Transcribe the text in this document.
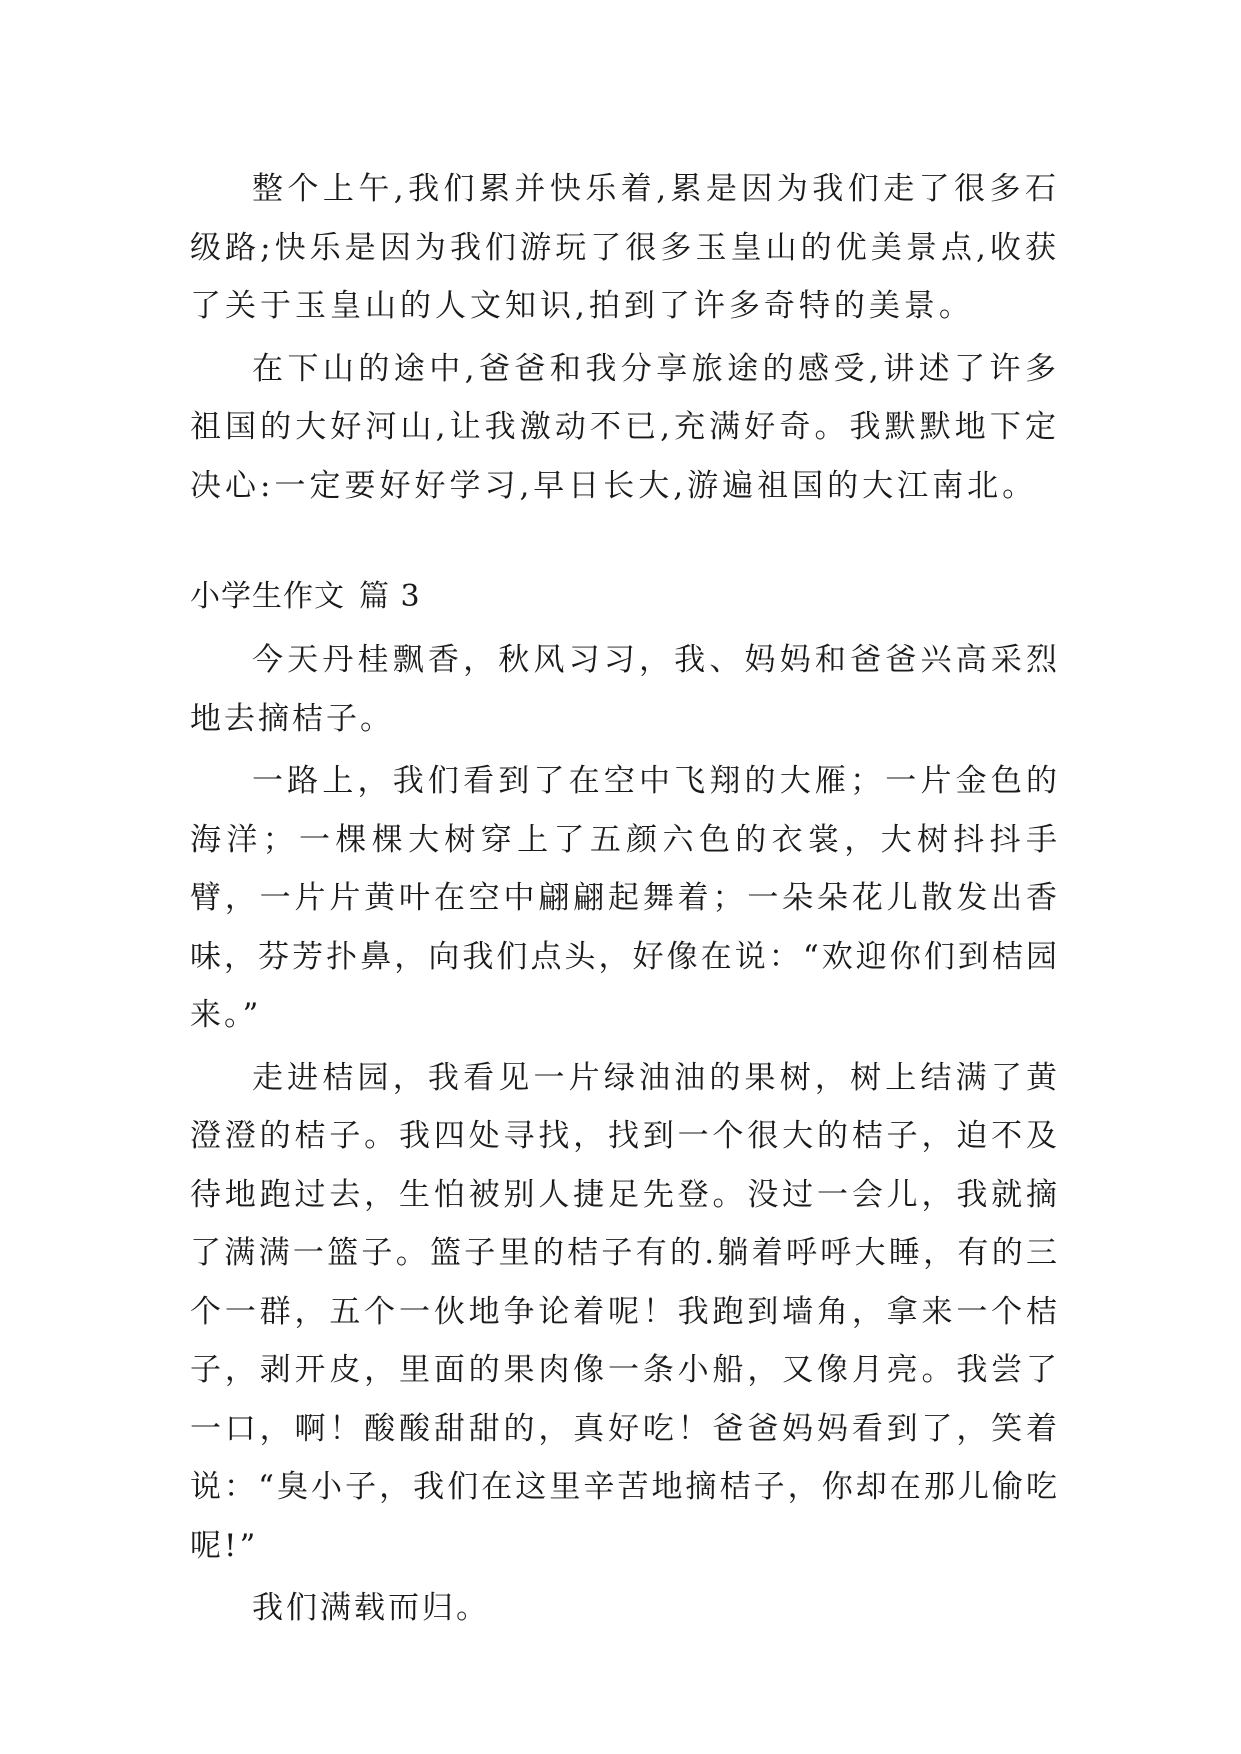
整个上午,我们累并快乐着,累是因为我们走了很多石级路;快乐是因为我们游玩了很多玉皇山的优美景点,收获了关于玉皇山的人文知识,拍到了许多奇特的美景。

在下山的途中,爸爸和我分享旅途的感受,讲述了许多祖国的大好河山,让我激动不已,充满好奇。我默默地下定决心:一定要好好学习,早日长大,游遍祖国的大江南北。

小学生作文 篇 3

今天丹桂飘香，秋风习习，我、妈妈和爸爸兴高采烈地去摘桔子。

一路上，我们看到了在空中飞翔的大雁；一片金色的海洋；一棵棵大树穿上了五颜六色的衣裳，大树抖抖手臂，一片片黄叶在空中翩翩起舞着；一朵朵花儿散发出香味，芬芳扑鼻，向我们点头，好像在说：“欢迎你们到桔园来。”

走进桔园，我看见一片绿油油的果树，树上结满了黄澄澄的桔子。我四处寻找，找到一个很大的桔子，迫不及待地跑过去，生怕被别人捷足先登。没过一会儿，我就摘了满满一篮子。篮子里的桔子有的.躺着呼呼大睡，有的三个一群，五个一伙地争论着呢！我跑到墙角，拿来一个桔子，剥开皮，里面的果肉像一条小船，又像月亮。我尝了一口，啊！酸酸甜甜的，真好吃！爸爸妈妈看到了，笑着说：“臭小子，我们在这里辛苦地摘桔子，你却在那儿偷吃呢!”

我们满载而归。
